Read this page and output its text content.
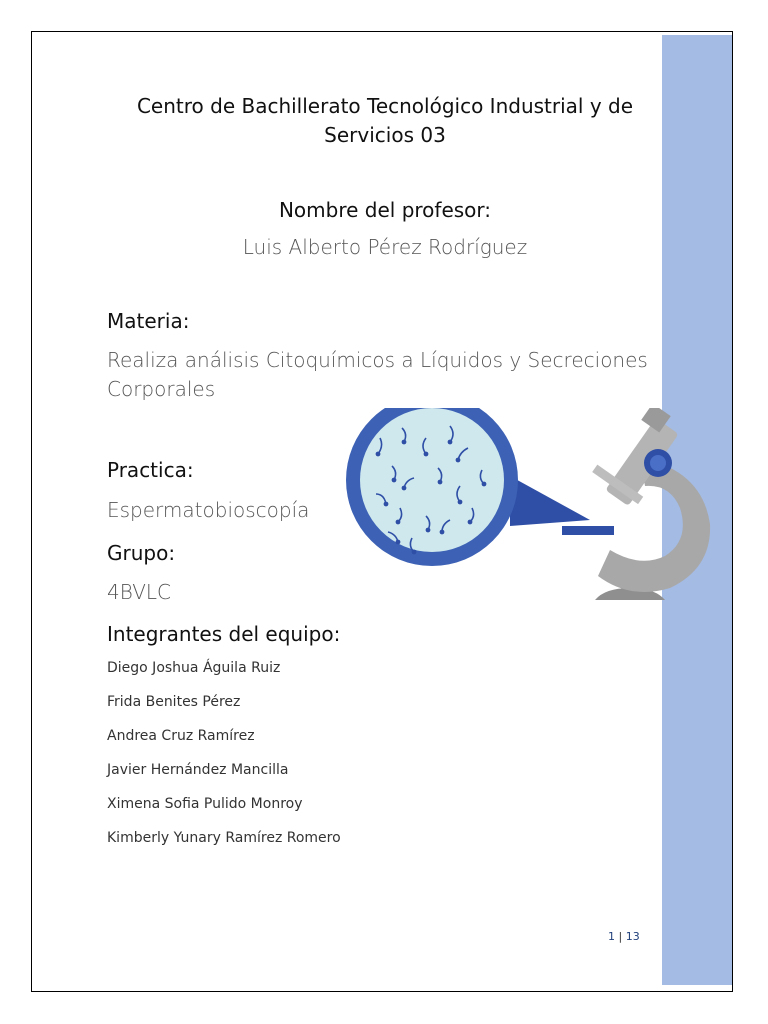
Centro de Bachillerato Tecnológico Industrial y de Servicios 03
Nombre del profesor:
Luis Alberto Pérez Rodríguez
Materia:
Realiza análisis Citoquímicos a Líquidos y Secreciones Corporales
Practica:
Espermatobioscopía
Grupo:
4BVLC
Integrantes del equipo:
Diego Joshua Águila Ruiz
Frida Benites Pérez
Andrea Cruz Ramírez
Javier Hernández Mancilla
Ximena Sofia Pulido Monroy
Kimberly Yunary Ramírez Romero
1 | 13
